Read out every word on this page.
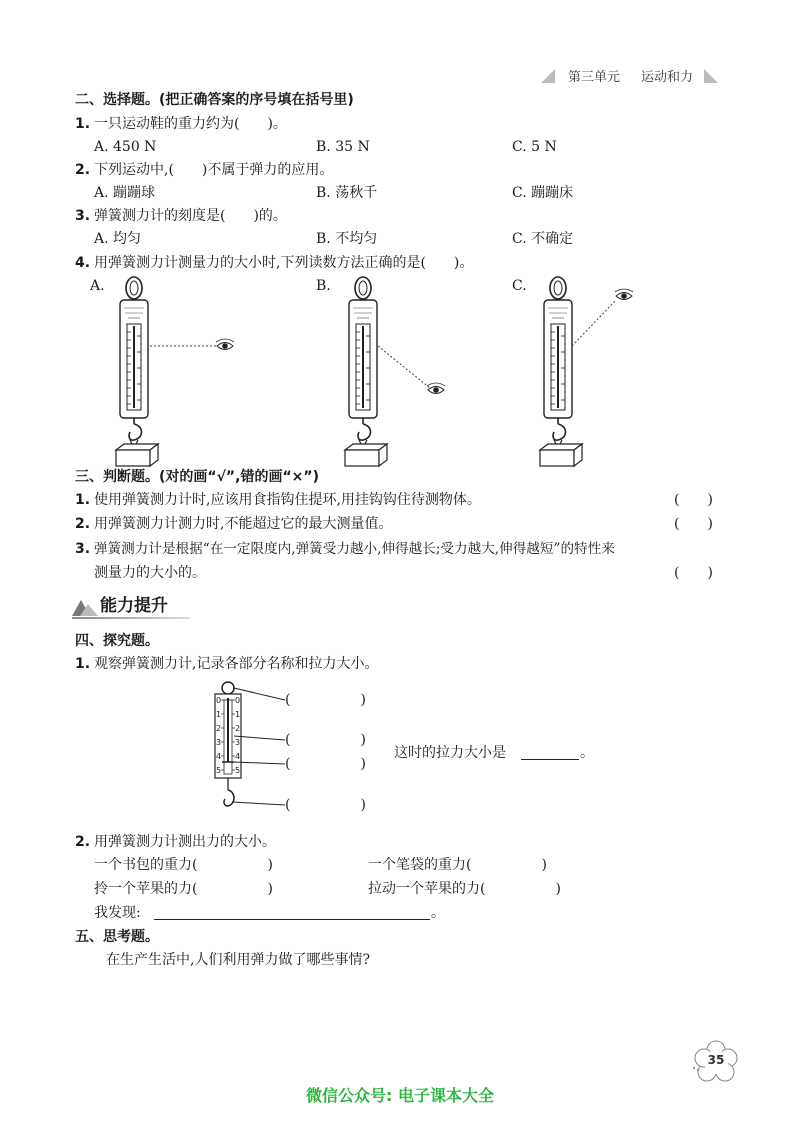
第三单元 运动和力
二、选择题。(把正确答案的序号填在括号里)
1. 一只运动鞋的重力约为(　　)。
A. 450 N	B. 35 N	C. 5 N
2. 下列运动中,(　　)不属于弹力的应用。
A. 蹦蹦球	B. 荡秋千	C. 蹦蹦床
3. 弹簧测力计的刻度是(　　)的。
A. 均匀	B. 不均匀	C. 不确定
4. 用弹簧测力计测量力的大小时,下列读数方法正确的是(　　)。
A.	B.	C.
三、判断题。(对的画“√”,错的画“×”)
1. 使用弹簧测力计时,应该用食指钩住提环,用挂钩钩住待测物体。	(　　)
2. 用弹簧测力计测力时,不能超过它的最大测量值。	(　　)
3. 弹簧测力计是根据“在一定限度内,弹簧受力越小,伸得越长;受力越大,伸得越短”的特性来
测量力的大小的。	(　　)
能力提升
四、探究题。
1. 观察弹簧测力计,记录各部分名称和拉力大小。
0
1
2
3
4
5
0
1
2
3
4
5
(　　　　　)
(　　　　　)
(　　　　　)
(　　　　　)
这时的拉力大小是	。
2. 用弹簧测力计测出力的大小。
一个书包的重力(　　　　　)	一个笔袋的重力(　　　　　)
拎一个苹果的力(　　　　　)	拉动一个苹果的力(　　　　　)
我发现:	。
五、思考题。
在生产生活中,人们利用弹力做了哪些事情?
35
微信公众号: 电子课本大全
